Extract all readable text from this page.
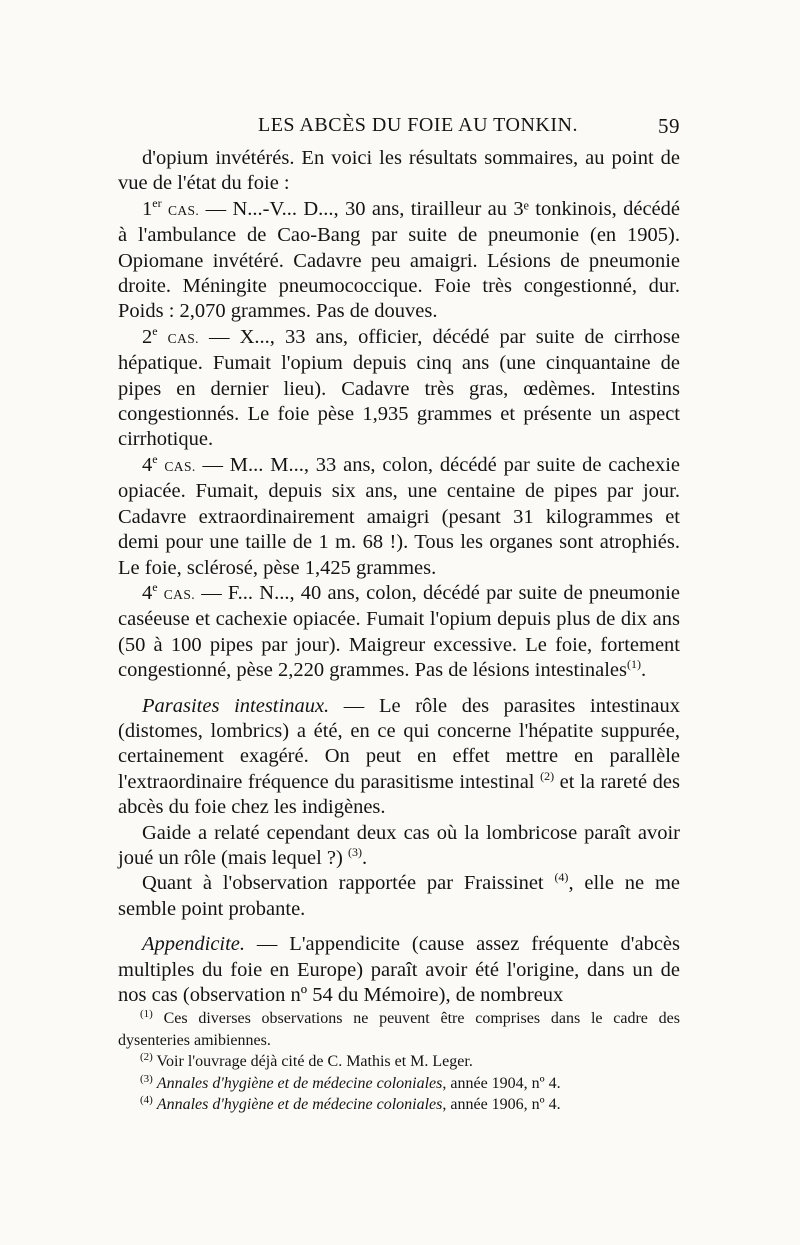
LES ABCÈS DU FOIE AU TONKIN.	59

d'opium invétérés. En voici les résultats sommaires, au point de vue de l'état du foie :

1er CAS. — N...-V... D..., 30 ans, tirailleur au 3ᵉ tonkinois, décédé à l'ambulance de Cao-Bang par suite de pneumonie (en 1905). Opiomane invétéré. Cadavre peu amaigri. Lésions de pneumonie droite. Méningite pneumococcique. Foie très congestionné, dur. Poids : 2,070 grammes. Pas de douves.

2e CAS. — X..., 33 ans, officier, décédé par suite de cirrhose hépatique. Fumait l'opium depuis cinq ans (une cinquantaine de pipes en dernier lieu). Cadavre très gras, œdèmes. Intestins congestionnés. Le foie pèse 1,935 grammes et présente un aspect cirrhotique.

4e CAS. — M... M..., 33 ans, colon, décédé par suite de cachexie opiacée. Fumait, depuis six ans, une centaine de pipes par jour. Cadavre extraordinairement amaigri (pesant 31 kilogrammes et demi pour une taille de 1 m. 68 !). Tous les organes sont atrophiés. Le foie, sclérosé, pèse 1,425 grammes.

4e CAS. — F... N..., 40 ans, colon, décédé par suite de pneumonie caséeuse et cachexie opiacée. Fumait l'opium depuis plus de dix ans (50 à 100 pipes par jour). Maigreur excessive. Le foie, fortement congestionné, pèse 2,220 grammes. Pas de lésions intestinales$^{(1)}$.

Parasites intestinaux. — Le rôle des parasites intestinaux (distomes, lombrics) a été, en ce qui concerne l'hépatite suppurée, certainement exagéré. On peut en effet mettre en parallèle l'extraordinaire fréquence du parasitisme intestinal $^{(2)}$ et la rareté des abcès du foie chez les indigènes.

Gaide a relaté cependant deux cas où la lombricose paraît avoir joué un rôle (mais lequel ?) $^{(3)}$.

Quant à l'observation rapportée par Fraissinet $^{(4)}$, elle ne me semble point probante.

Appendicite. — L'appendicite (cause assez fréquente d'abcès multiples du foie en Europe) paraît avoir été l'origine, dans un de nos cas (observation nº 54 du Mémoire), de nombreux

$^{(1)}$ Ces diverses observations ne peuvent être comprises dans le cadre des dysenteries amibiennes.

$^{(2)}$ Voir l'ouvrage déjà cité de C. Mathis et M. Leger.

$^{(3)}$ Annales d'hygiène et de médecine coloniales, année 1904, nº 4.

$^{(4)}$ Annales d'hygiène et de médecine coloniales, année 1906, nº 4.
